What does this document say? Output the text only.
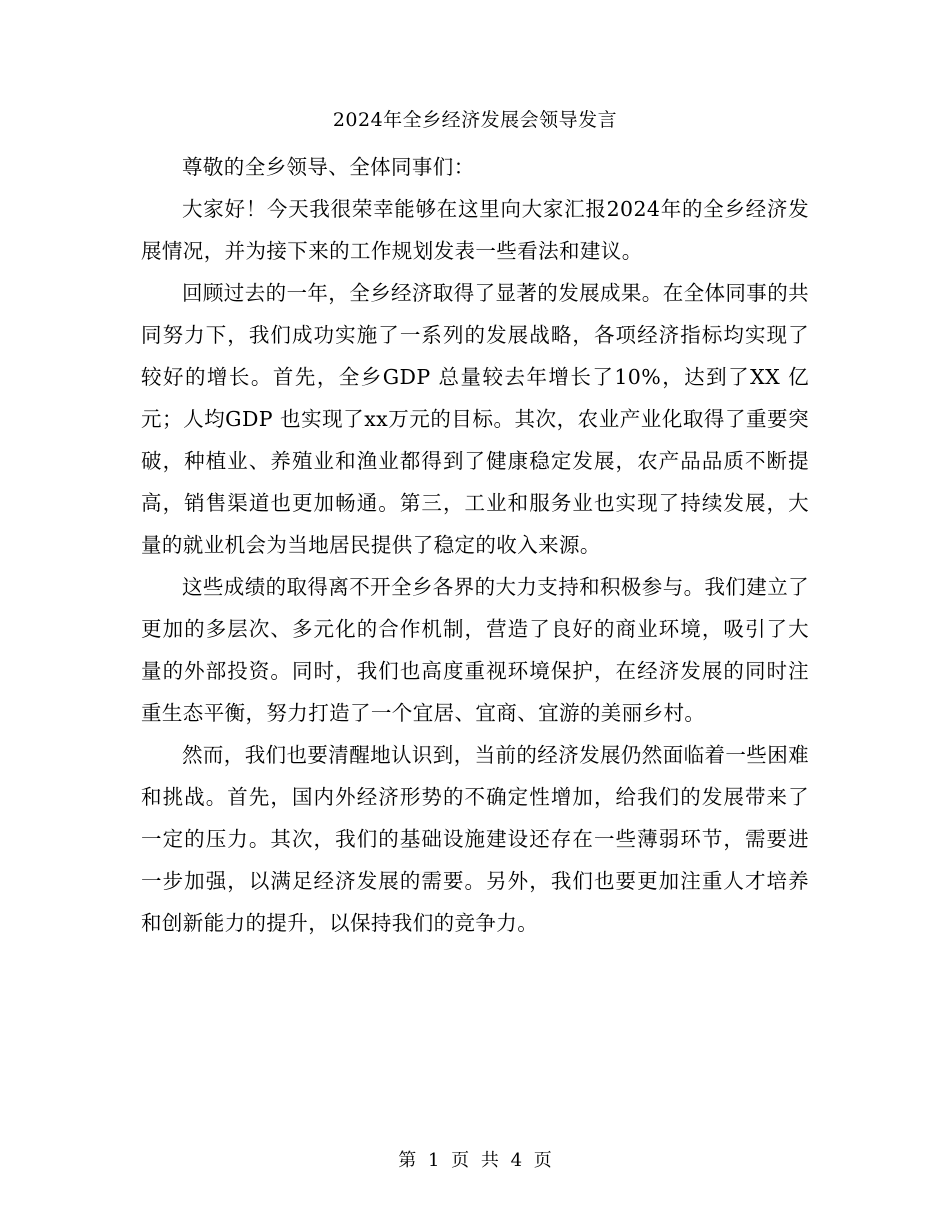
2024年全乡经济发展会领导发言

尊敬的全乡领导、全体同事们：

大家好！今天我很荣幸能够在这里向大家汇报2024年的全乡经济发展情况，并为接下来的工作规划发表一些看法和建议。

回顾过去的一年，全乡经济取得了显著的发展成果。在全体同事的共同努力下，我们成功实施了一系列的发展战略，各项经济指标均实现了较好的增长。首先，全乡GDP 总量较去年增长了10%，达到了XX 亿元；人均GDP 也实现了xx万元的目标。其次，农业产业化取得了重要突破，种植业、养殖业和渔业都得到了健康稳定发展，农产品品质不断提高，销售渠道也更加畅通。第三，工业和服务业也实现了持续发展，大量的就业机会为当地居民提供了稳定的收入来源。

这些成绩的取得离不开全乡各界的大力支持和积极参与。我们建立了更加的多层次、多元化的合作机制，营造了良好的商业环境，吸引了大量的外部投资。同时，我们也高度重视环境保护，在经济发展的同时注重生态平衡，努力打造了一个宜居、宜商、宜游的美丽乡村。

然而，我们也要清醒地认识到，当前的经济发展仍然面临着一些困难和挑战。首先，国内外经济形势的不确定性增加，给我们的发展带来了一定的压力。其次，我们的基础设施建设还存在一些薄弱环节，需要进一步加强，以满足经济发展的需要。另外，我们也要更加注重人才培养和创新能力的提升，以保持我们的竞争力。

第 1 页 共 4 页
